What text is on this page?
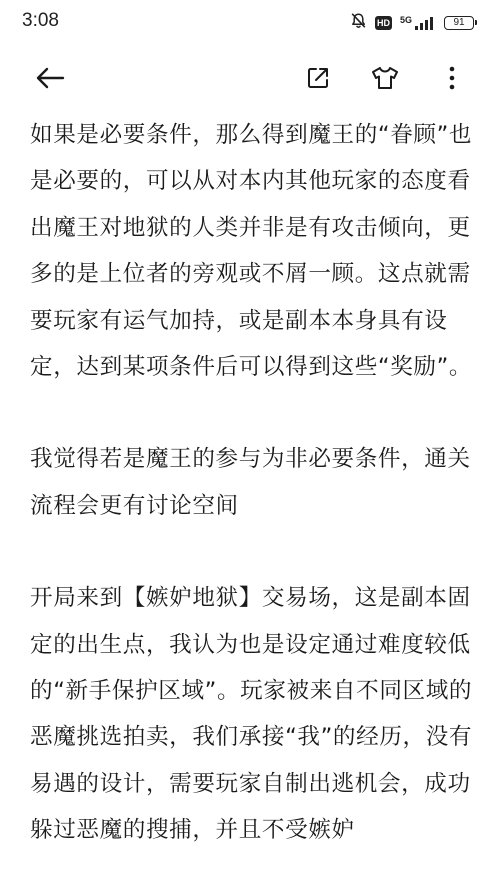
3:08	HD 5G	91

如果是必要条件，那么得到魔王的“眷顾”也是必要的，可以从对本内其他玩家的态度看出魔王对地狱的人类并非是有攻击倾向，更多的是上位者的旁观或不屑一顾。这点就需要玩家有运气加持，或是副本本身具有设定，达到某项条件后可以得到这些“奖励”。

我觉得若是魔王的参与为非必要条件，通关流程会更有讨论空间

开局来到【嫉妒地狱】交易场，这是副本固定的出生点，我认为也是设定通过难度较低的“新手保护区域”。玩家被来自不同区域的恶魔挑选拍卖，我们承接“我”的经历，没有易遇的设计，需要玩家自制出逃机会，成功躲过恶魔的搜捕，并且不受嫉妒
